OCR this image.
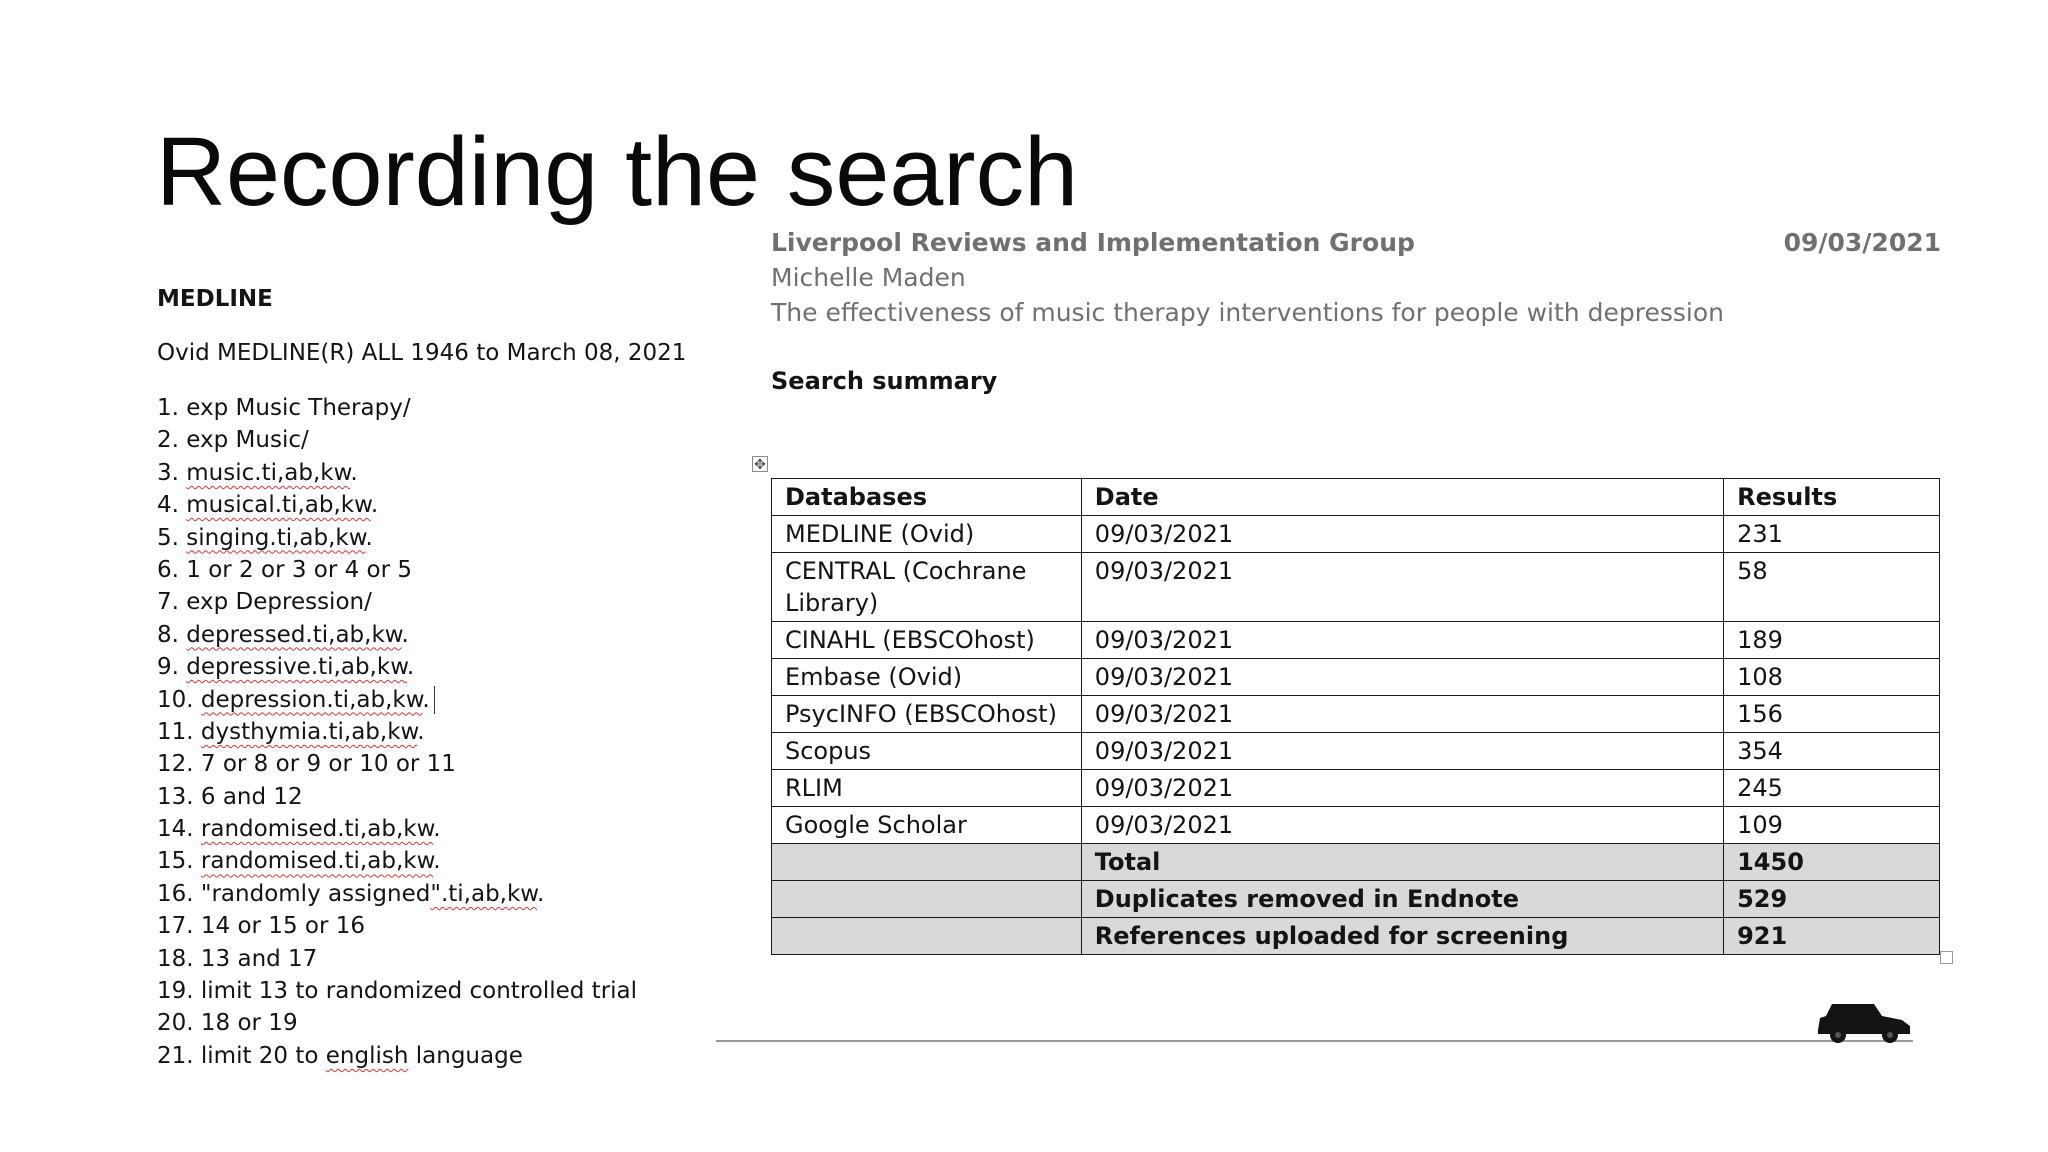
Recording the search
MEDLINE
Ovid MEDLINE(R) ALL 1946 to March 08, 2021
1. exp Music Therapy/
2. exp Music/
3. music.ti,ab,kw.
4. musical.ti,ab,kw.
5. singing.ti,ab,kw.
6. 1 or 2 or 3 or 4 or 5
7. exp Depression/
8. depressed.ti,ab,kw.
9. depressive.ti,ab,kw.
10. depression.ti,ab,kw.
11. dysthymia.ti,ab,kw.
12. 7 or 8 or 9 or 10 or 11
13. 6 and 12
14. randomised.ti,ab,kw.
15. randomised.ti,ab,kw.
16. "randomly assigned".ti,ab,kw.
17. 14 or 15 or 16
18. 13 and 17
19. limit 13 to randomized controlled trial
20. 18 or 19
21. limit 20 to english language
Liverpool Reviews and Implementation Group	09/03/2021
Michelle Maden
The effectiveness of music therapy interventions for people with depression
Search summary
✥
Databases	Date	Results
MEDLINE (Ovid)	09/03/2021	231
CENTRAL (Cochrane Library)	09/03/2021	58
CINAHL (EBSCOhost)	09/03/2021	189
Embase (Ovid)	09/03/2021	108
PsycINFO (EBSCOhost)	09/03/2021	156
Scopus	09/03/2021	354
RLIM	09/03/2021	245
Google Scholar	09/03/2021	109
	Total	1450
	Duplicates removed in Endnote	529
	References uploaded for screening	921
